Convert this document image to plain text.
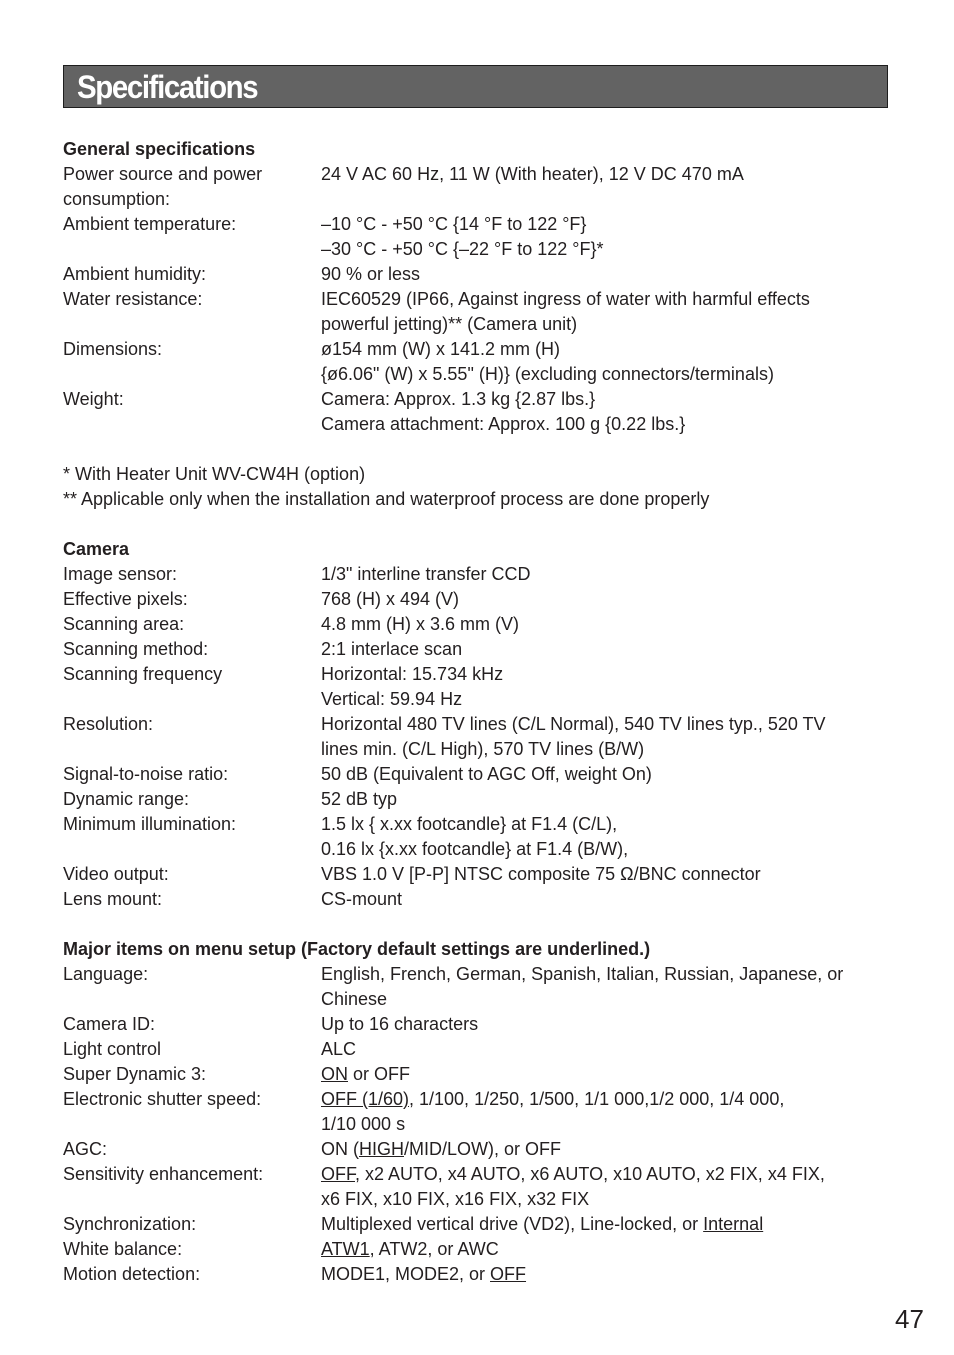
Specifications
General specifications
Power source and power	24 V AC 60 Hz, 11 W (With heater), 12 V DC 470 mA
consumption:
Ambient temperature:	–10 °C - +50 °C {14 °F to 122 °F}
–30 °C - +50 °C {–22 °F to 122 °F}*
Ambient humidity:	90 % or less
Water resistance:	IEC60529 (IP66, Against ingress of water with harmful effects
powerful jetting)** (Camera unit)
Dimensions:	ø154 mm (W) x 141.2 mm (H)
{ø6.06" (W) x 5.55" (H)} (excluding connectors/terminals)
Weight:	Camera: Approx. 1.3 kg {2.87 lbs.}
Camera attachment: Approx. 100 g {0.22 lbs.}
* With Heater Unit WV-CW4H (option)
** Applicable only when the installation and waterproof process are done properly
Camera
Image sensor:	1/3" interline transfer CCD
Effective pixels:	768 (H) x 494 (V)
Scanning area:	4.8 mm (H) x 3.6 mm (V)
Scanning method:	2:1 interlace scan
Scanning frequency	Horizontal: 15.734 kHz
Vertical: 59.94 Hz
Resolution:	Horizontal 480 TV lines (C/L Normal), 540 TV lines typ., 520 TV
lines min. (C/L High), 570 TV lines (B/W)
Signal-to-noise ratio:	50 dB (Equivalent to AGC Off, weight On)
Dynamic range:	52 dB typ
Minimum illumination:	1.5 lx { x.xx footcandle} at F1.4 (C/L),
0.16 lx {x.xx footcandle} at F1.4 (B/W),
Video output:	VBS 1.0 V [P-P] NTSC composite 75 Ω/BNC connector
Lens mount:	CS-mount
Major items on menu setup (Factory default settings are underlined.)
Language:	English, French, German, Spanish, Italian, Russian, Japanese, or
Chinese
Camera ID:	Up to 16 characters
Light control	ALC
Super Dynamic 3:	ON or OFF
Electronic shutter speed:	OFF (1/60), 1/100, 1/250, 1/500, 1/1 000,1/2 000, 1/4 000,
1/10 000 s
AGC:	ON (HIGH/MID/LOW), or OFF
Sensitivity enhancement:	OFF, x2 AUTO, x4 AUTO, x6 AUTO, x10 AUTO, x2 FIX, x4 FIX,
x6 FIX, x10 FIX, x16 FIX, x32 FIX
Synchronization:	Multiplexed vertical drive (VD2), Line-locked, or Internal
White balance:	ATW1, ATW2, or AWC
Motion detection:	MODE1, MODE2, or OFF
47
